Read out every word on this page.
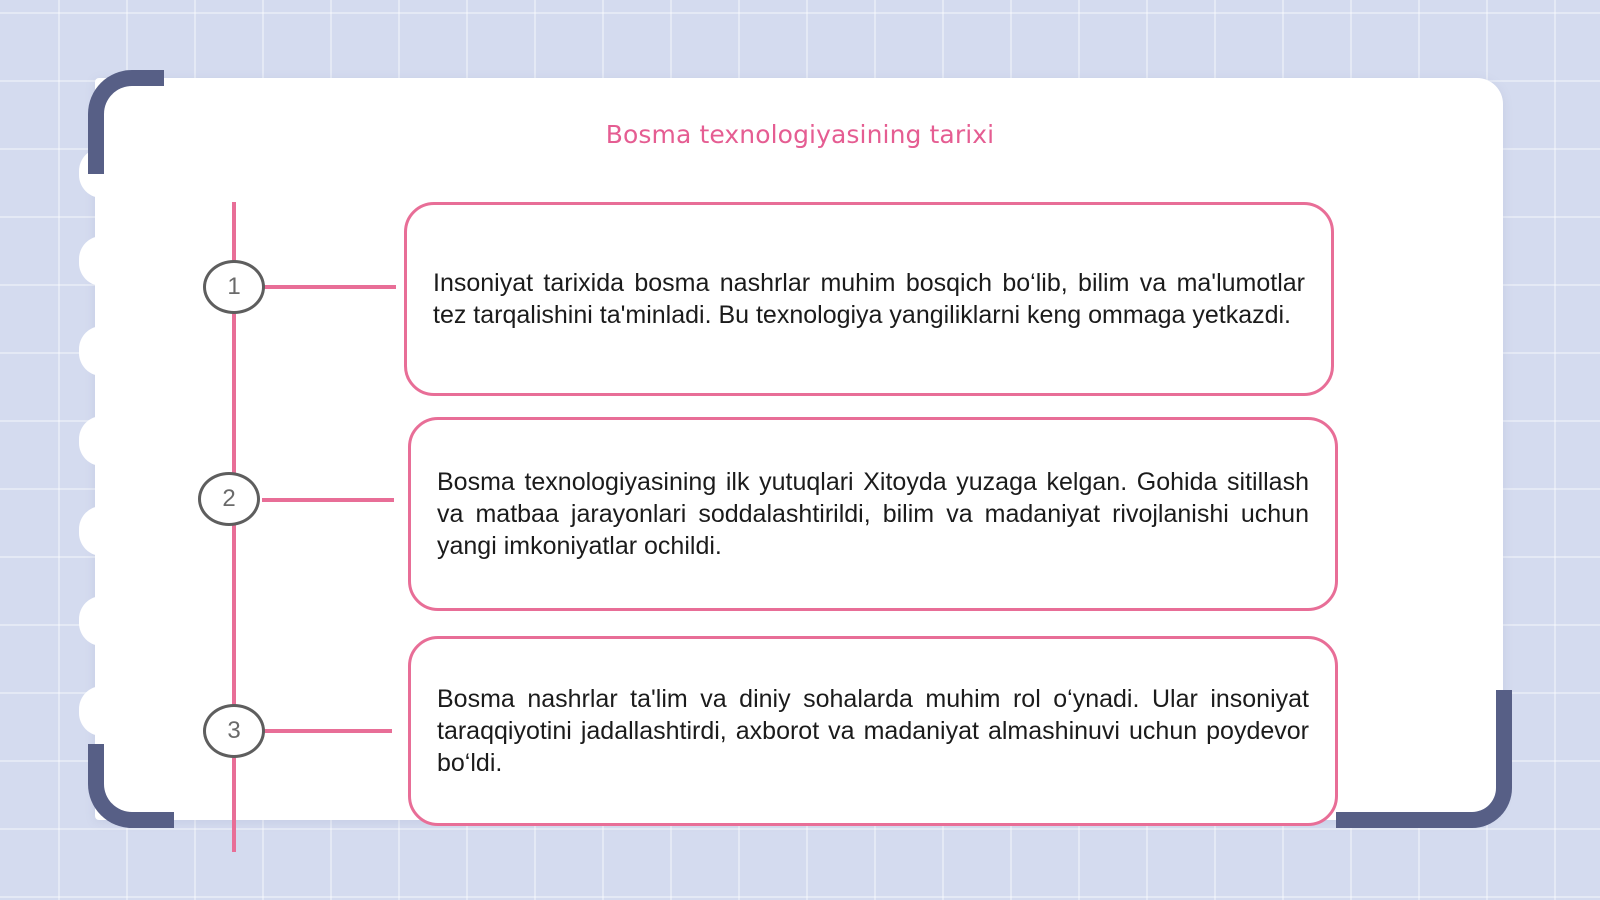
Bosma texnologiyasining tarixi
1
2
3

Insoniyat tarixida bosma nashrlar muhim bosqich bo‘lib, bilim va ma'lumotlar tez tarqalishini ta'minladi. Bu texnologiya yangiliklarni keng ommaga yetkazdi.

Bosma texnologiyasining ilk yutuqlari Xitoyda yuzaga kelgan. Gohida sitillash va matbaa jarayonlari soddalashtirildi, bilim va madaniyat rivojlanishi uchun yangi imkoniyatlar ochildi.

Bosma nashrlar ta'lim va diniy sohalarda muhim rol o‘ynadi. Ular insoniyat taraqqiyotini jadallashtirdi, axborot va madaniyat almashinuvi uchun poydevor bo‘ldi.
